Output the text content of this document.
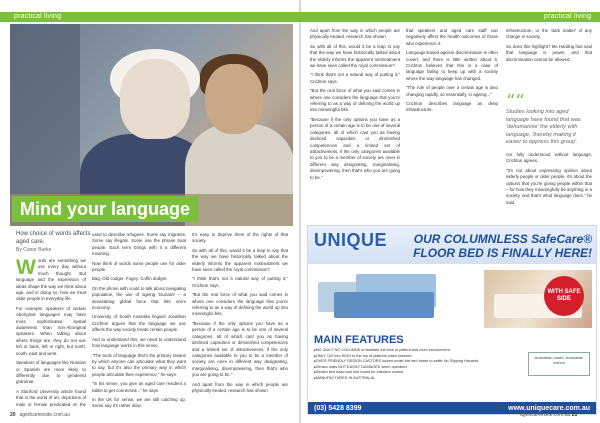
practical living	practical living
Mind your language
How choice of words affects aged care.
By Conor Burke
W ords are something we use every day without much thought. But language and the expression of ideas shape the way we think about age, and in doing so, how we treat older people in everyday life.

For example, speakers of certain Aboriginal languages may have more sophisticated spatial awareness than non-Aboriginal speakers. When talking about where things are, they do not use left or back, left or right, but north, south, east and west.

Speakers of languages like Russian or Spanish are more likely to differently due to gendered grammar.

A Stanford University article found that in the world of art, depictions of male or female predicated on the

used to describe refugees. Some say migrants. Some say illegals. Some use the phrase boat people. Each term brings with it a different meaning.

Now think of words some people use for older people.

Bag, Old codger. Fogey. Coffin dodger.

On the phone with could to talk about navigating population, the use of ageing 'tsunami' – a devastating global force that hits one's economy.

University of South Australia linguist Jonathan Crichton argues that the language we use affects the way society treats certain people.

And to understand this, we need to understand how language works in this sense.

"The tools of language that's the primary means by which anyone can articulate what they want to say, but it's also the primary way in which people articulate their experience," he says.

"In his sense, you give an aged care resident a tablet to get connected..." he says.

In the UK for sense, we are still catching up. Some say it's rather slow.

It's easy to deprive them of the rights of that society.

So with all of this, would it be a leap to say that the way we have historically talked about the elderly informs the apparent mistreatment we have seen called the royal commission?

"I think that's not a natural way of putting it," Crichton says.

"But the real force of what you said comes in where one considers the language that you're referring to as a way of defining the world up into meaningful bits.

"Because if the only options you have as a person of a certain age is to be one of several categories, all of which cast you as having declined capacities or diminished competencies and a limited set of attractiveness, if the only categories available to you to be a member of society are ones in different way designating, marginalising, disempowering, then that's who you are going to be."

And apart from the way in which people are physically treated, research has shown

And apart from the way in which people are physically treated, research has shown

So with all of this, would it be a leap to say that the way we have historically talked about the elderly informs the apparent mistreatment we have seen called the royal commission?

"I think that's not a natural way of putting it," Crichton says.

"But the real force of what you said comes in where one considers the language that you're referring to as a way of defining the world up into meaningful bits.

"Because if the only options you have as a person of a certain age is to be one of several categories, all of which cast you as having declined capacities or diminished competencies and a limited set of attractiveness, if the only categories available to you to be a member of society are ones in different way designating, marginalising, disempowering, then that's who you are going to be."

that speakers and aged care staff can negatively affect the health outcomes of those who experience it.

Language-based ageism discrimination is often covert, and there is little written about it. Crichton believes that this is a case of language failing to keep up with a society where the way language has changed.

"The role of people over a certain age is also changing rapidly, so essentially, in ageing..."

Crichton describes language as deep infrastructure.

infrastructure, or the 'dark matter' of any change in society.

So does this highlight? Ms Harding has said that language is power, and that discrimination cannot be allowed.

““
Studies looking into aged language have found that was 'dehumanise' the elderly with language, 'thereby making it easier to oppress this group'.

nor fully understood without language, Crichton agrees.

"It's not about expressing opinion about elderly people or older people, it's about the options that you're giving people within that – for how they meaningfully be anything in a society, and that's what language does," he said.

UNIQUE	OUR COLUMNLESS SafeCare® FLOOR BED IS FINALLY HERE!
WITH SAFE SIDE
MAIN FEATURES
■ NO GUILT NO COLUMNS to facilitate full view of patient and room environment
■ ONLY 120 mm HIGH to the top of platform when lowered
■ OVER FRIENDLY DESIGN CASTORS locked under the bed frame to settle No Slipping Hazards
■ Sensor mats NOT EASILY DAMAGED when operated
■ Sealed bed head and foot board for infection control
■ MANUFACTURED IN AUSTRALIA
Australian made, Australian owned
(03) 5428 8399	www.uniquecare.com.au
20 agedcareinsite.com.au	agedcareinsite.com.au 21
